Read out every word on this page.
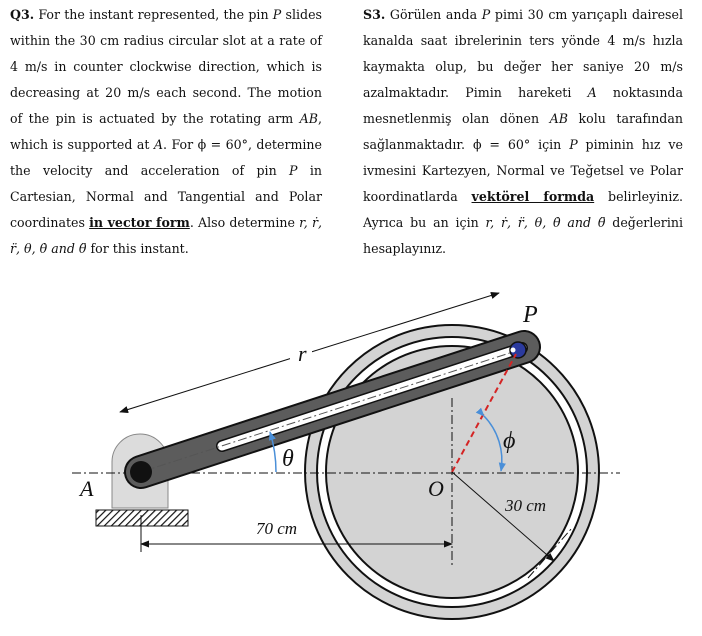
Q3. For the instant represented, the pin P slides within the 30 cm radius circular slot at a rate of 4 m/s in counter clockwise direction, which is decreasing at 20 m/s each second. The motion of the pin is actuated by the rotating arm AB, which is supported at A. For ϕ = 60°, determine the velocity and acceleration of pin P in Cartesian, Normal and Tangential and Polar coordinates in vector form. Also determine r, ṙ, r̈, θ, θ̇ and θ̈ for this instant.
S3. Görülen anda P pimi 30 cm yarıçaplı dairesel kanalda saat ibrelerinin ters yönde 4 m/s hızla kaymakta olup, bu değer her saniye 20 m/s azalmaktadır. Pimin hareketi A noktasında mesnetlenmiş olan dönen AB kolu tarafından sağlanmaktadır. ϕ = 60° için P piminin hız ve ivmesini Kartezyen, Normal ve Teğetsel ve Polar koordinatlarda vektörel formda belirleyiniz. Ayrıca bu an için r, ṙ, r̈, θ, θ̇ and θ̈ değerlerini hesaplayınız.
r
θ
ϕ
30 cm
70 cm
A	O
P
